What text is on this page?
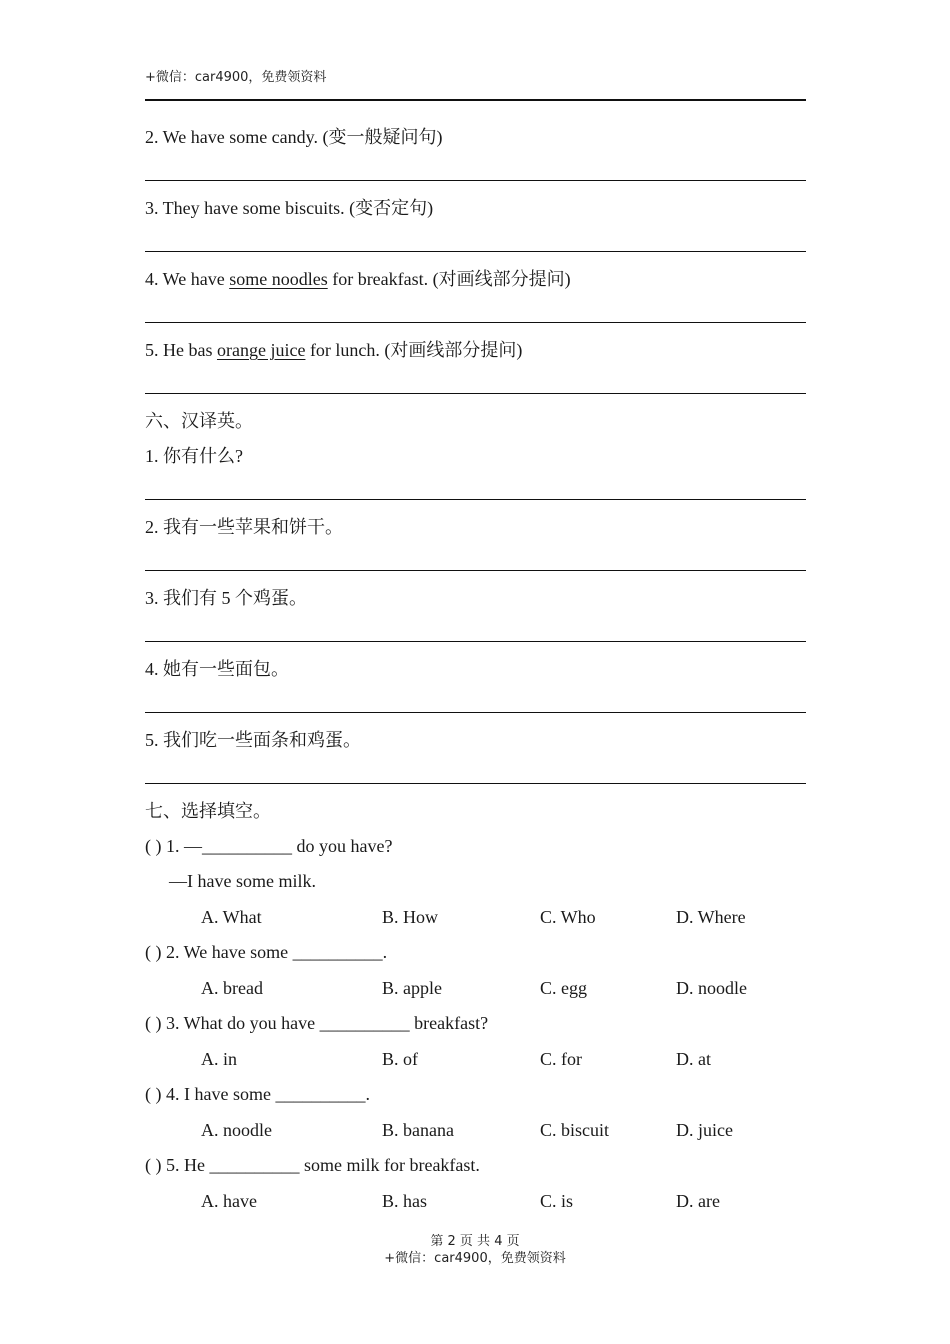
+微信：car4900，免费领资料
2. We have some candy. (变一般疑问句)
3. They have some biscuits. (变否定句)
4. We have some noodles for breakfast. (对画线部分提问)
5. He bas orange juice for lunch. (对画线部分提问)
六、汉译英。
1. 你有什么?
2. 我有一些苹果和饼干。
3. 我们有 5 个鸡蛋。
4. 她有一些面包。
5. 我们吃一些面条和鸡蛋。
七、选择填空。
( ) 1. —__________ do you have?
—I have some milk.
A. What	B. How	C. Who	D. Where
( ) 2. We have some __________.
A. bread	B. apple	C. egg	D. noodle
( ) 3. What do you have __________ breakfast?
A. in	B. of	C. for	D. at
( ) 4. I have some __________.
A. noodle	B. banana	C. biscuit	D. juice
( ) 5. He __________ some milk for breakfast.
A. have	B. has	C. is	D. are
第 2 页 共 4 页
+微信：car4900，免费领资料
